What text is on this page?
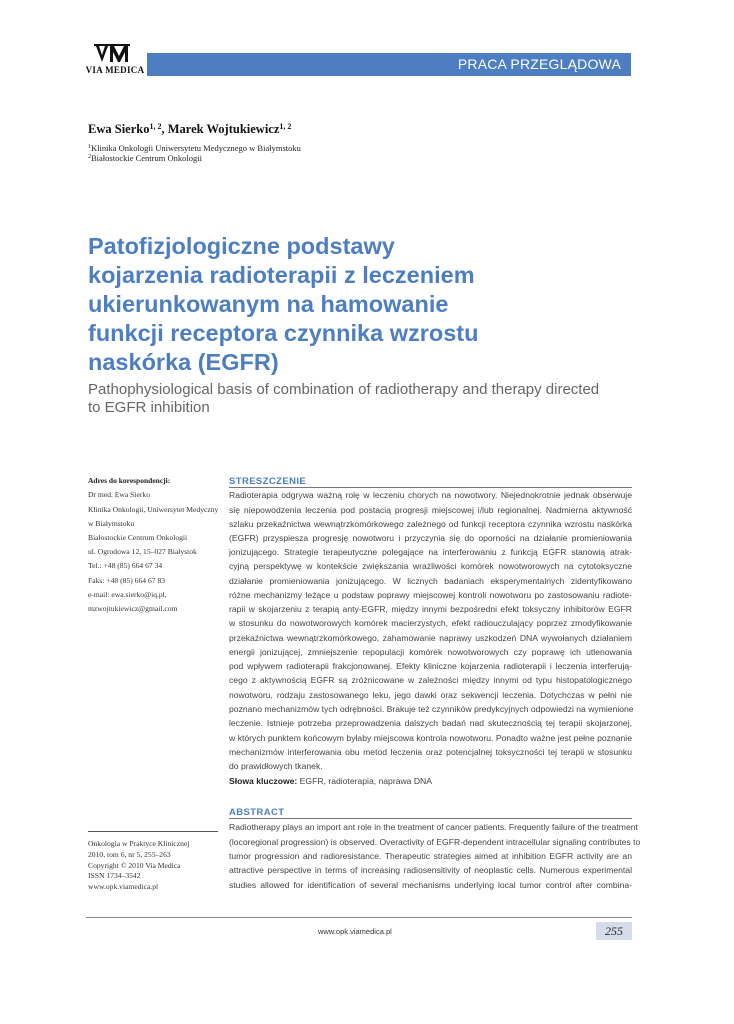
VIA MEDICA	PRACA PRZEGLĄDOWA
Ewa Sierko$^{1, 2}$, Marek Wojtukiewicz$^{1, 2}$
$^1$Klinika Onkologii Uniwersytetu Medycznego w Białymstoku
$^2$Białostockie Centrum Onkologii
Patofizjologiczne podstawy
kojarzenia radioterapii z leczeniem
ukierunkowanym na hamowanie
funkcji receptora czynnika wzrostu
naskórka (EGFR)
Pathophysiological basis of combination of radiotherapy and therapy directed
to EGFR inhibition
Adres do korespondencji:
Dr med. Ewa Sierko
Klinika Onkologii, Uniwersytet Medyczny
w Białymstoku
Białostockie Centrum Onkologii
ul. Ogrodowa 12, 15–027 Białystok
Tel.: +48 (85) 664 67 34
Faks: +48 (85) 664 67 83
e-mail: ewa.sierko@iq.pl,
mzwojtukiewicz@gmail.com
Onkologia w Praktyce Klinicznej
2010, tom 6, nr 5, 255–263
Copyright © 2010 Via Medica
ISSN 1734–3542
www.opk.viamedica.pl
STRESZCZENIE
Radioterapia odgrywa ważną rolę w leczeniu chorych na nowotwory. Niejednokrotnie jednak obserwuje
się niepowodzenia leczenia pod postacią progresji miejscowej i/lub regionalnej. Nadmierna aktywność
szlaku przekaźnictwa wewnątrzkomórkowego zależnego od funkcji receptora czynnika wzrostu naskórka
(EGFR) przyspiesza progresję nowotworu i przyczynia się do oporności na działanie promieniowania
jonizującego. Strategie terapeutyczne polegające na interferowaniu z funkcją EGFR stanowią atrak-
cyjną perspektywę w kontekście zwiększania wrażliwości komórek nowotworowych na cytotoksyczne
działanie promieniowania jonizującego. W licznych badaniach eksperymentalnych zidentyfikowano
różne mechanizmy leżące u podstaw poprawy miejscowej kontroli nowotworu po zastosowaniu radiote-
rapii w skojarzeniu z terapią anty-EGFR, między innymi bezpośredni efekt toksyczny inhibitorów EGFR
w stosunku do nowotworowych komórek macierzystych, efekt radiouczulający poprzez zmodyfikowanie
przekaźnictwa wewnątrzkomórkowego, zahamowanie naprawy uszkodzeń DNA wywołanych działaniem
energii jonizującej, zmniejszenie repopulacji komórek nowotworowych czy poprawę ich utlenowania
pod wpływem radioterapii frakcjonowanej. Efekty kliniczne kojarzenia radioterapii i leczenia interferują-
cego z aktywnością EGFR są zróżnicowane w zależności między innymi od typu histopatologicznego
nowotworu, rodzaju zastosowanego leku, jego dawki oraz sekwencji leczenia. Dotychczas w pełni nie
poznano mechanizmów tych odrębności. Brakuje też czynników predykcyjnych odpowiedzi na wymienione
leczenie. Istnieje potrzeba przeprowadzenia dalszych badań nad skutecznością tej terapii skojarzonej,
w których punktem końcowym byłaby miejscowa kontrola nowotworu. Ponadto ważne jest pełne poznanie
mechanizmów interferowania obu metod leczenia oraz potencjalnej toksyczności tej terapii w stosunku
do prawidłowych tkanek.
Słowa kluczowe: EGFR, radioterapia, naprawa DNA
ABSTRACT
Radiotherapy plays an import ant role in the treatment of cancer patients. Frequently failure of the treatment
(locoregional progression) is observed. Overactivity of EGFR-dependent intracellular signaling contributes to
tumor progression and radioresistance. Therapeutic strategies aimed at inhibition EGFR activity are an
attractive perspective in terms of increasing radiosensitivity of neoplastic cells. Numerous experimental
studies allowed for identification of several mechanisms underlying local tumor control after combina-
www.opk.viamedica.pl	255
